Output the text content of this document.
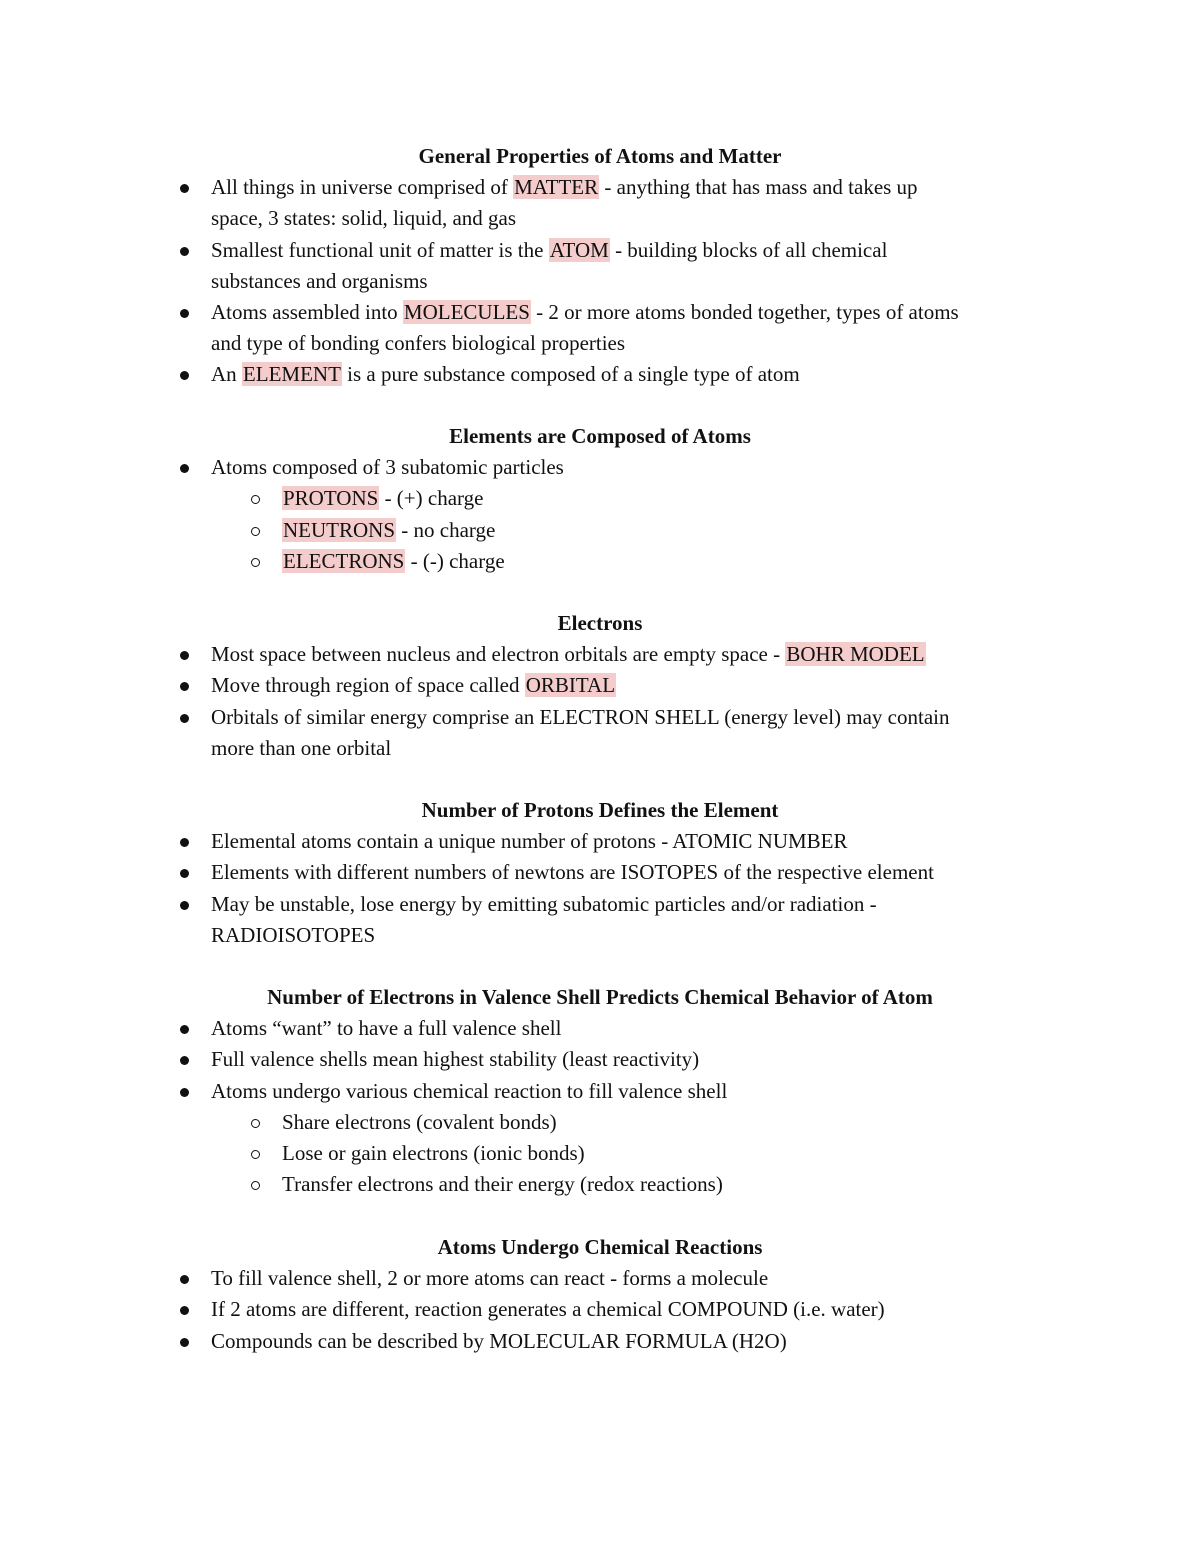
General Properties of Atoms and Matter
All things in universe comprised of MATTER - anything that has mass and takes up
space, 3 states: solid, liquid, and gas
Smallest functional unit of matter is the ATOM - building blocks of all chemical
substances and organisms
Atoms assembled into MOLECULES - 2 or more atoms bonded together, types of atoms
and type of bonding confers biological properties
An ELEMENT is a pure substance composed of a single type of atom
Elements are Composed of Atoms
Atoms composed of 3 subatomic particles
PROTONS - (+) charge
NEUTRONS - no charge
ELECTRONS - (-) charge
Electrons
Most space between nucleus and electron orbitals are empty space - BOHR MODEL
Move through region of space called ORBITAL
Orbitals of similar energy comprise an ELECTRON SHELL (energy level) may contain
more than one orbital
Number of Protons Defines the Element
Elemental atoms contain a unique number of protons - ATOMIC NUMBER
Elements with different numbers of newtons are ISOTOPES of the respective element
May be unstable, lose energy by emitting subatomic particles and/or radiation -
RADIOISOTOPES
Number of Electrons in Valence Shell Predicts Chemical Behavior of Atom
Atoms “want” to have a full valence shell
Full valence shells mean highest stability (least reactivity)
Atoms undergo various chemical reaction to fill valence shell
Share electrons (covalent bonds)
Lose or gain electrons (ionic bonds)
Transfer electrons and their energy (redox reactions)
Atoms Undergo Chemical Reactions
To fill valence shell, 2 or more atoms can react - forms a molecule
If 2 atoms are different, reaction generates a chemical COMPOUND (i.e. water)
Compounds can be described by MOLECULAR FORMULA (H2O)
